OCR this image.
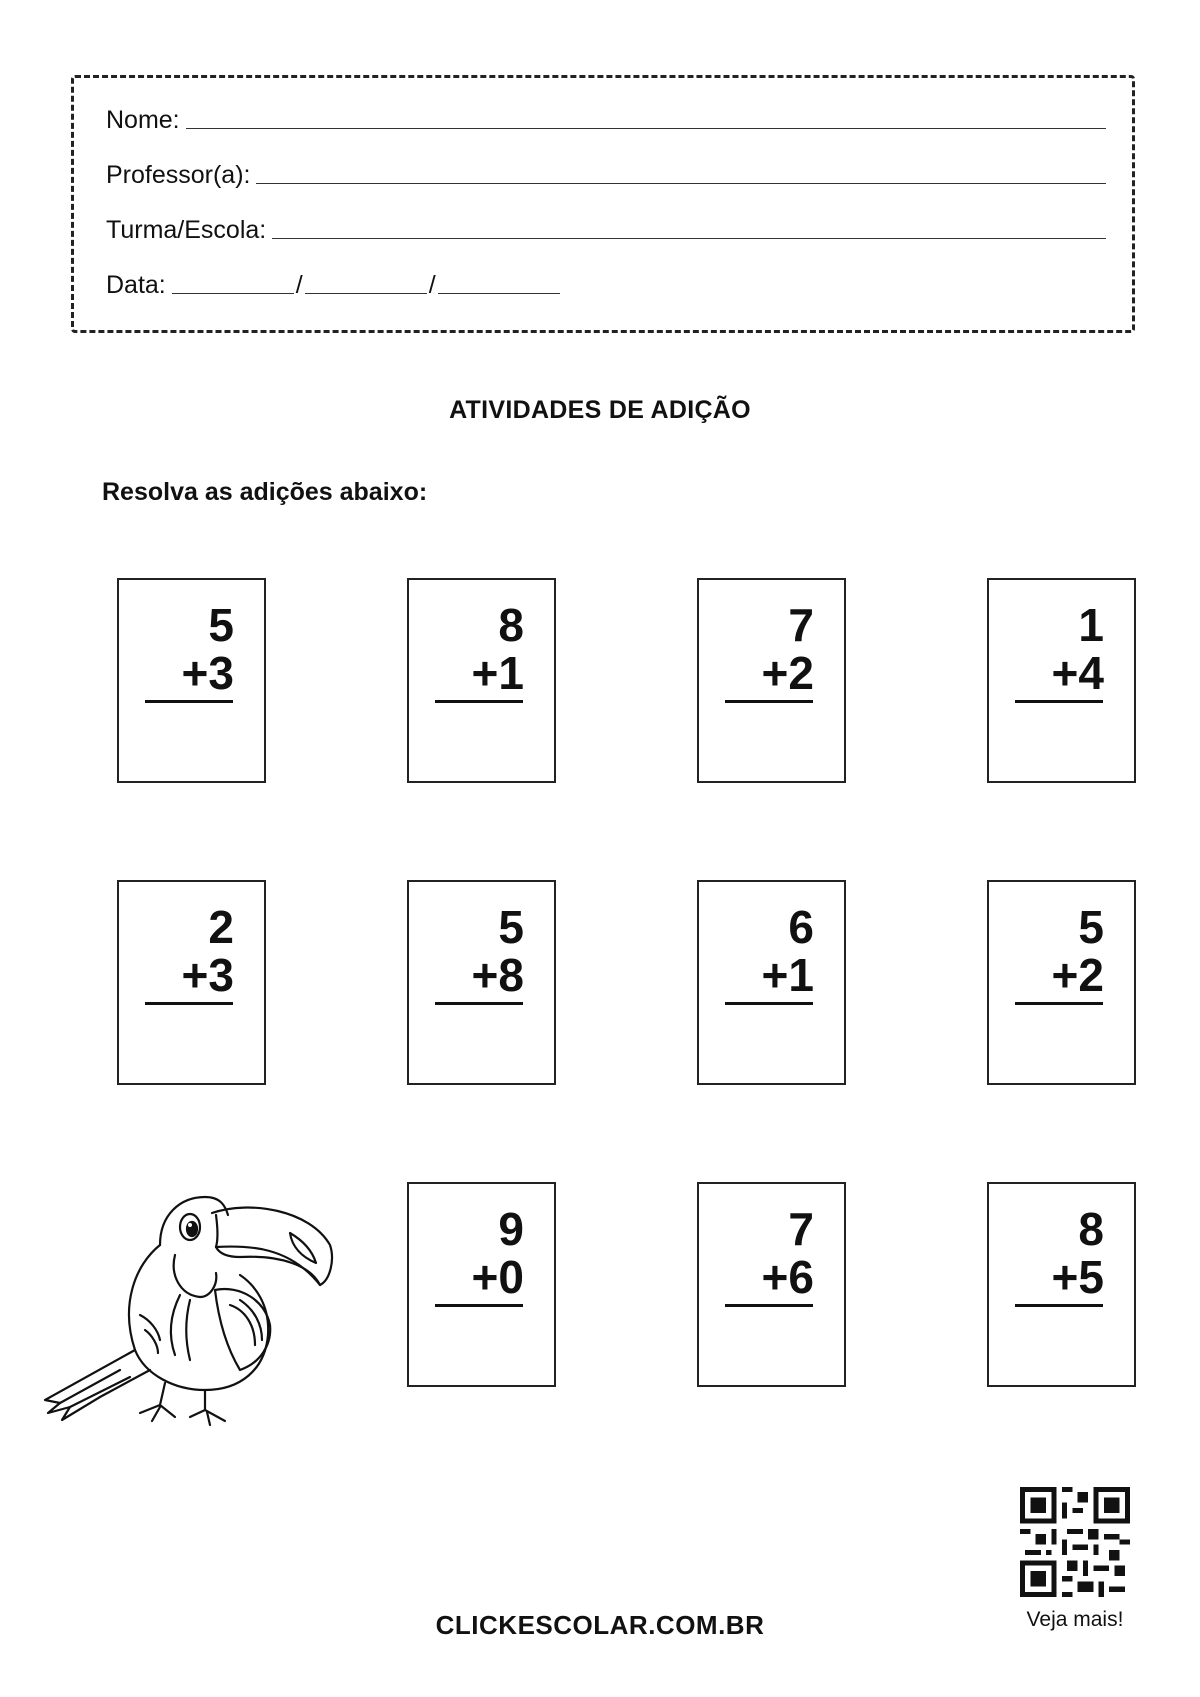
Nome:
Professor(a):
Turma/Escola:
Data:	/	/
ATIVIDADES DE ADIÇÃO
Resolva as adições abaixo:
5
+3
8
+1
7
+2
1
+4
2
+3
5
+8
6
+1
5
+2
9
+0
7
+6
8
+5
Veja mais!
CLICKESCOLAR.COM.BR
